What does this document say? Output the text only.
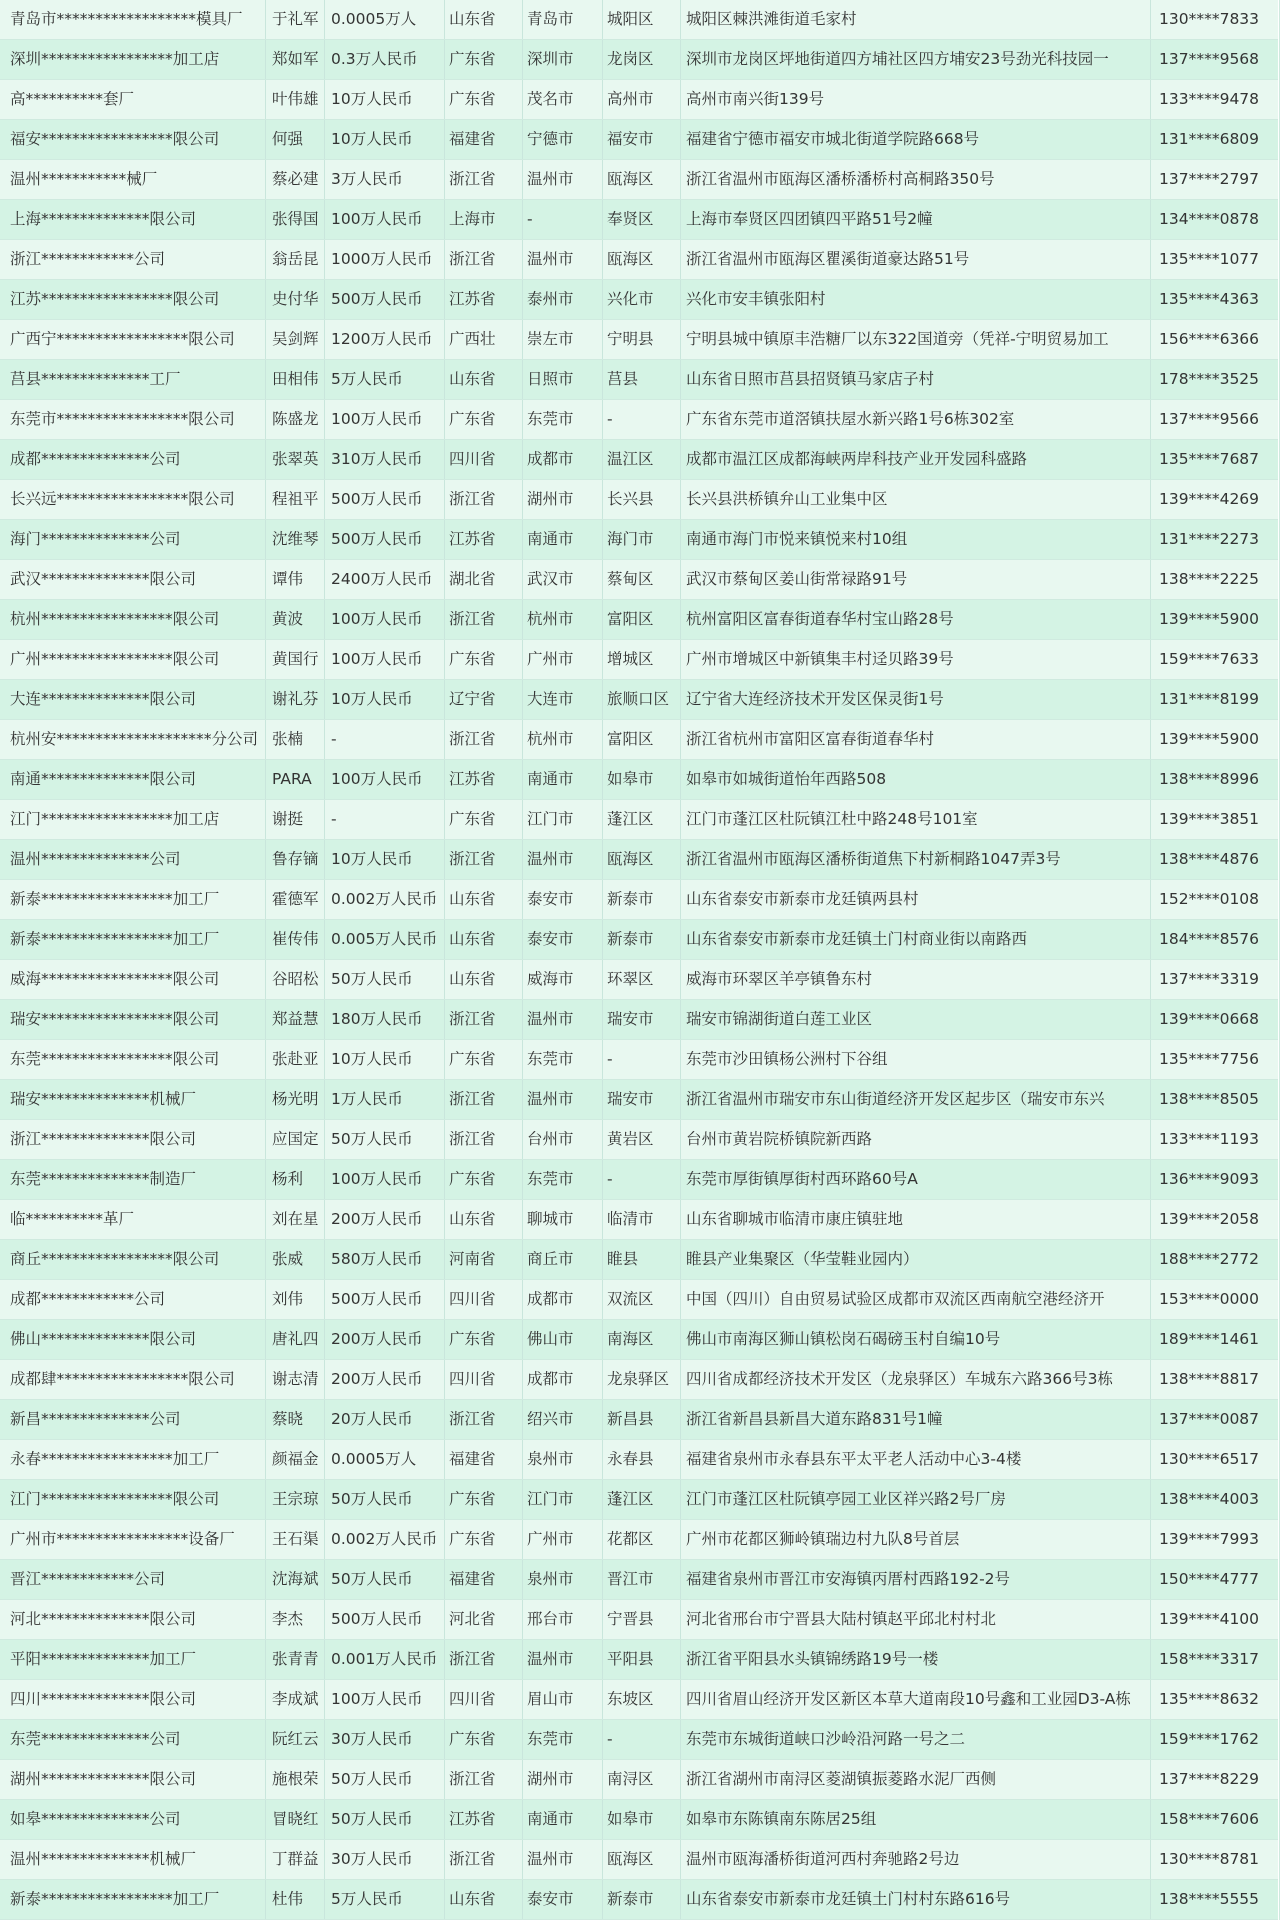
青岛市******************模具厂	于礼军 0.0005万人	山东省	青岛市	城阳区	城阳区棘洪滩街道毛家村	130****7833
深圳*****************加工店	郑如军 0.3万人民币	广东省	深圳市	龙岗区	深圳市龙岗区坪地街道四方埔社区四方埔安23号劲光科技园一	137****9568
高**********套厂	叶伟雄 10万人民币	广东省	茂名市	高州市	高州市南兴街139号	133****9478
福安*****************限公司	何强	10万人民币	福建省	宁德市	福安市	福建省宁德市福安市城北街道学院路668号	131****6809
温州***********械厂	蔡必建 3万人民币	浙江省	温州市	瓯海区	浙江省温州市瓯海区潘桥潘桥村高桐路350号	137****2797
上海**************限公司	张得国 100万人民币	上海市	-	奉贤区	上海市奉贤区四团镇四平路51号2幢	134****0878
浙江************公司	翁岳昆 1000万人民币	浙江省	温州市	瓯海区	浙江省温州市瓯海区瞿溪街道豪达路51号	135****1077
江苏*****************限公司	史付华 500万人民币	江苏省	泰州市	兴化市	兴化市安丰镇张阳村	135****4363
广西宁*****************限公司	吴剑辉 1200万人民币	广西壮	崇左市	宁明县	宁明县城中镇原丰浩糖厂以东322国道旁（凭祥-宁明贸易加工	156****6366
莒县**************工厂	田相伟 5万人民币	山东省	日照市	莒县	山东省日照市莒县招贤镇马家店子村	178****3525
东莞市*****************限公司	陈盛龙 100万人民币	广东省	东莞市	-	广东省东莞市道滘镇扶屋水新兴路1号6栋302室	137****9566
成都**************公司	张翠英 310万人民币	四川省	成都市	温江区	成都市温江区成都海峡两岸科技产业开发园科盛路	135****7687
长兴远*****************限公司	程祖平 500万人民币	浙江省	湖州市	长兴县	长兴县洪桥镇弁山工业集中区	139****4269
海门**************公司	沈维琴 500万人民币	江苏省	南通市	海门市	南通市海门市悦来镇悦来村10组	131****2273
武汉**************限公司	谭伟	2400万人民币	湖北省	武汉市	蔡甸区	武汉市蔡甸区姜山街常禄路91号	138****2225
杭州*****************限公司	黄波	100万人民币	浙江省	杭州市	富阳区	杭州富阳区富春街道春华村宝山路28号	139****5900
广州*****************限公司	黄国行 100万人民币	广东省	广州市	增城区	广州市增城区中新镇集丰村迳贝路39号	159****7633
大连**************限公司	谢礼芬 10万人民币	辽宁省	大连市	旅顺口区	辽宁省大连经济技术开发区保灵街1号	131****8199
杭州安********************分公司 张楠	-	浙江省	杭州市	富阳区	浙江省杭州市富阳区富春街道春华村	139****5900
南通**************限公司	PARA	100万人民币	江苏省	南通市	如皋市	如皋市如城街道怡年西路508	138****8996
江门*****************加工店	谢挺	-	广东省	江门市	蓬江区	江门市蓬江区杜阮镇江杜中路248号101室	139****3851
温州**************公司	鲁存镝 10万人民币	浙江省	温州市	瓯海区	浙江省温州市瓯海区潘桥街道焦下村新桐路1047弄3号	138****4876
新泰*****************加工厂	霍德军 0.002万人民币 山东省	泰安市	新泰市	山东省泰安市新泰市龙廷镇两县村	152****0108
新泰*****************加工厂	崔传伟 0.005万人民币 山东省	泰安市	新泰市	山东省泰安市新泰市龙廷镇土门村商业街以南路西	184****8576
威海*****************限公司	谷昭松 50万人民币	山东省	威海市	环翠区	威海市环翠区羊亭镇鲁东村	137****3319
瑞安*****************限公司	郑益慧 180万人民币	浙江省	温州市	瑞安市	瑞安市锦湖街道白莲工业区	139****0668
东莞*****************限公司	张赴亚 10万人民币	广东省	东莞市	-	东莞市沙田镇杨公洲村下谷组	135****7756
瑞安**************机械厂	杨光明 1万人民币	浙江省	温州市	瑞安市	浙江省温州市瑞安市东山街道经济开发区起步区（瑞安市东兴	138****8505
浙江**************限公司	应国定 50万人民币	浙江省	台州市	黄岩区	台州市黄岩院桥镇院新西路	133****1193
东莞**************制造厂	杨利	100万人民币	广东省	东莞市	-	东莞市厚街镇厚街村西环路60号A	136****9093
临**********革厂	刘在星 200万人民币	山东省	聊城市	临清市	山东省聊城市临清市康庄镇驻地	139****2058
商丘*****************限公司	张威	580万人民币	河南省	商丘市	睢县	睢县产业集聚区（华莹鞋业园内）	188****2772
成都************公司	刘伟	500万人民币	四川省	成都市	双流区	中国（四川）自由贸易试验区成都市双流区西南航空港经济开	153****0000
佛山**************限公司	唐礼四 200万人民币	广东省	佛山市	南海区	佛山市南海区狮山镇松岗石碣磅玉村自编10号	189****1461
成都肆*****************限公司	谢志清 200万人民币	四川省	成都市	龙泉驿区	四川省成都经济技术开发区（龙泉驿区）车城东六路366号3栋	138****8817
新昌**************公司	蔡晓	20万人民币	浙江省	绍兴市	新昌县	浙江省新昌县新昌大道东路831号1幢	137****0087
永春*****************加工厂	颜福金 0.0005万人	福建省	泉州市	永春县	福建省泉州市永春县东平太平老人活动中心3-4楼	130****6517
江门*****************限公司	王宗琼 50万人民币	广东省	江门市	蓬江区	江门市蓬江区杜阮镇亭园工业区祥兴路2号厂房	138****4003
广州市*****************设备厂	王石渠 0.002万人民币 广东省	广州市	花都区	广州市花都区狮岭镇瑞边村九队8号首层	139****7993
晋江************公司	沈海斌 50万人民币	福建省	泉州市	晋江市	福建省泉州市晋江市安海镇丙厝村西路192-2号	150****4777
河北**************限公司	李杰	500万人民币	河北省	邢台市	宁晋县	河北省邢台市宁晋县大陆村镇赵平邱北村村北	139****4100
平阳**************加工厂	张青青 0.001万人民币 浙江省	温州市	平阳县	浙江省平阳县水头镇锦绣路19号一楼	158****3317
四川**************限公司	李成斌 100万人民币	四川省	眉山市	东坡区	四川省眉山经济开发区新区本草大道南段10号鑫和工业园D3-A栋	135****8632
东莞**************公司	阮红云 30万人民币	广东省	东莞市	-	东莞市东城街道峡口沙岭沿河路一号之二	159****1762
湖州**************限公司	施根荣 50万人民币	浙江省	湖州市	南浔区	浙江省湖州市南浔区菱湖镇振菱路水泥厂西侧	137****8229
如皋**************公司	冒晓红 50万人民币	江苏省	南通市	如皋市	如皋市东陈镇南东陈居25组	158****7606
温州**************机械厂	丁群益 30万人民币	浙江省	温州市	瓯海区	温州市瓯海潘桥街道河西村奔驰路2号边	130****8781
新泰*****************加工厂	杜伟	5万人民币	山东省	泰安市	新泰市	山东省泰安市新泰市龙廷镇土门村村东路616号	138****5555
